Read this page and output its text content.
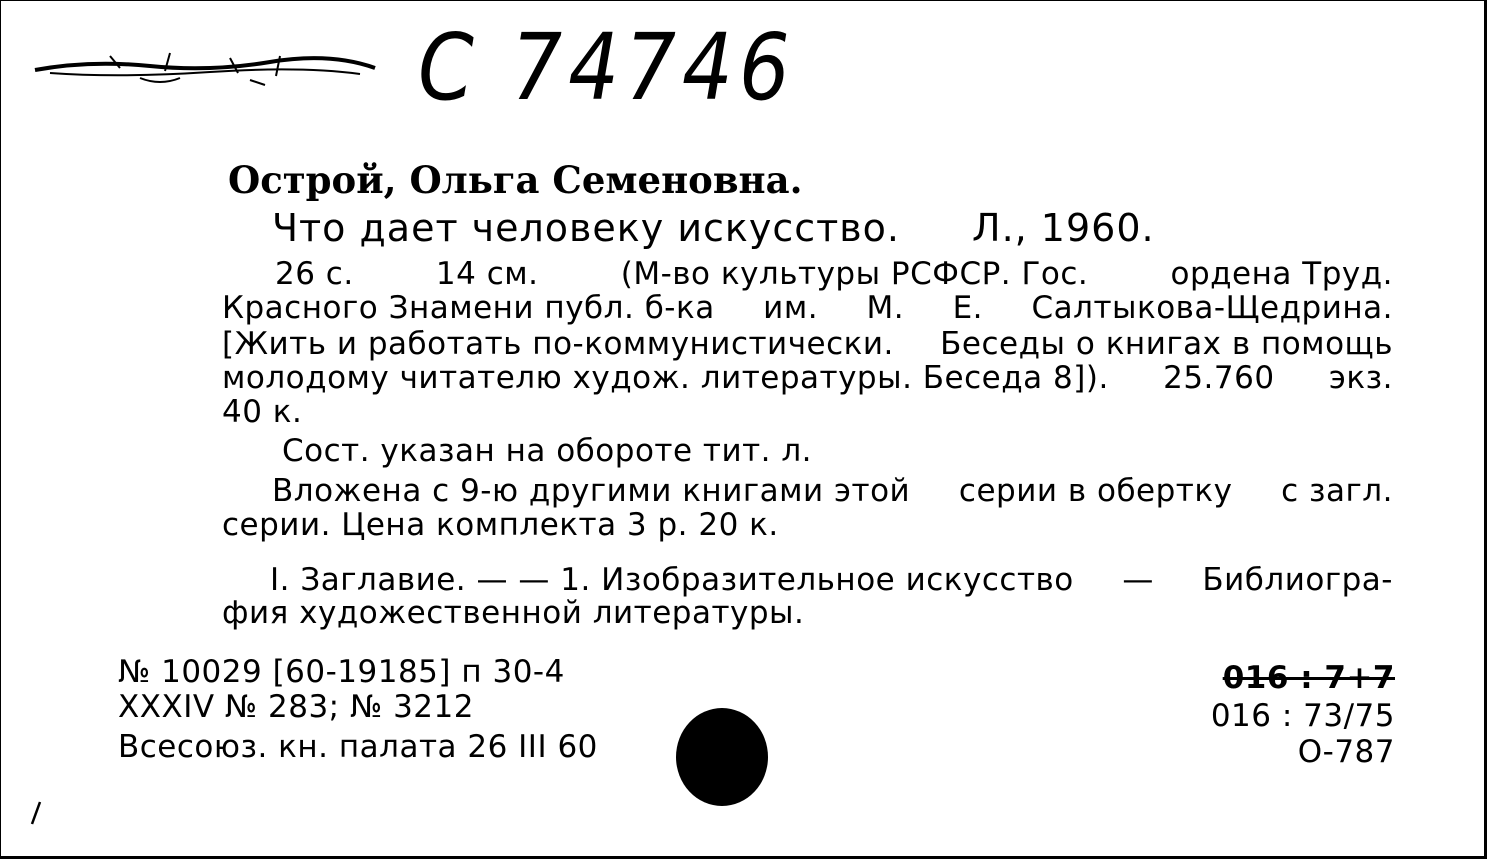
С 74746
Острой, Ольга Семеновна.
Что дает человеку искусство. Л., 1960.
26 с.	14 см.	(М-во культуры РСФСР. Гос.	ордена Труд.
Красного Знамени публ. б-ка им. М. Е. Салтыкова-Щедрина.
[Жить и работать по-коммунистически. Беседы о книгах в помощь
молодому читателю худож. литературы. Беседа 8]). 25.760 экз.
40 к.
Сост. указан на обороте тит. л.
Вложена с 9-ю другими книгами этой серии в обертку с загл.
серии. Цена комплекта 3 р. 20 к.
I. Заглавие. — — 1. Изобразительное искусство — Библиогра-
фия художественной литературы.
№ 10029 [60-19185] п 30-4
XXXIV № 283; № 3212
Всесоюз. кн. палата 26 III 60
016 : 7+7
016 : 73/75
О-787
